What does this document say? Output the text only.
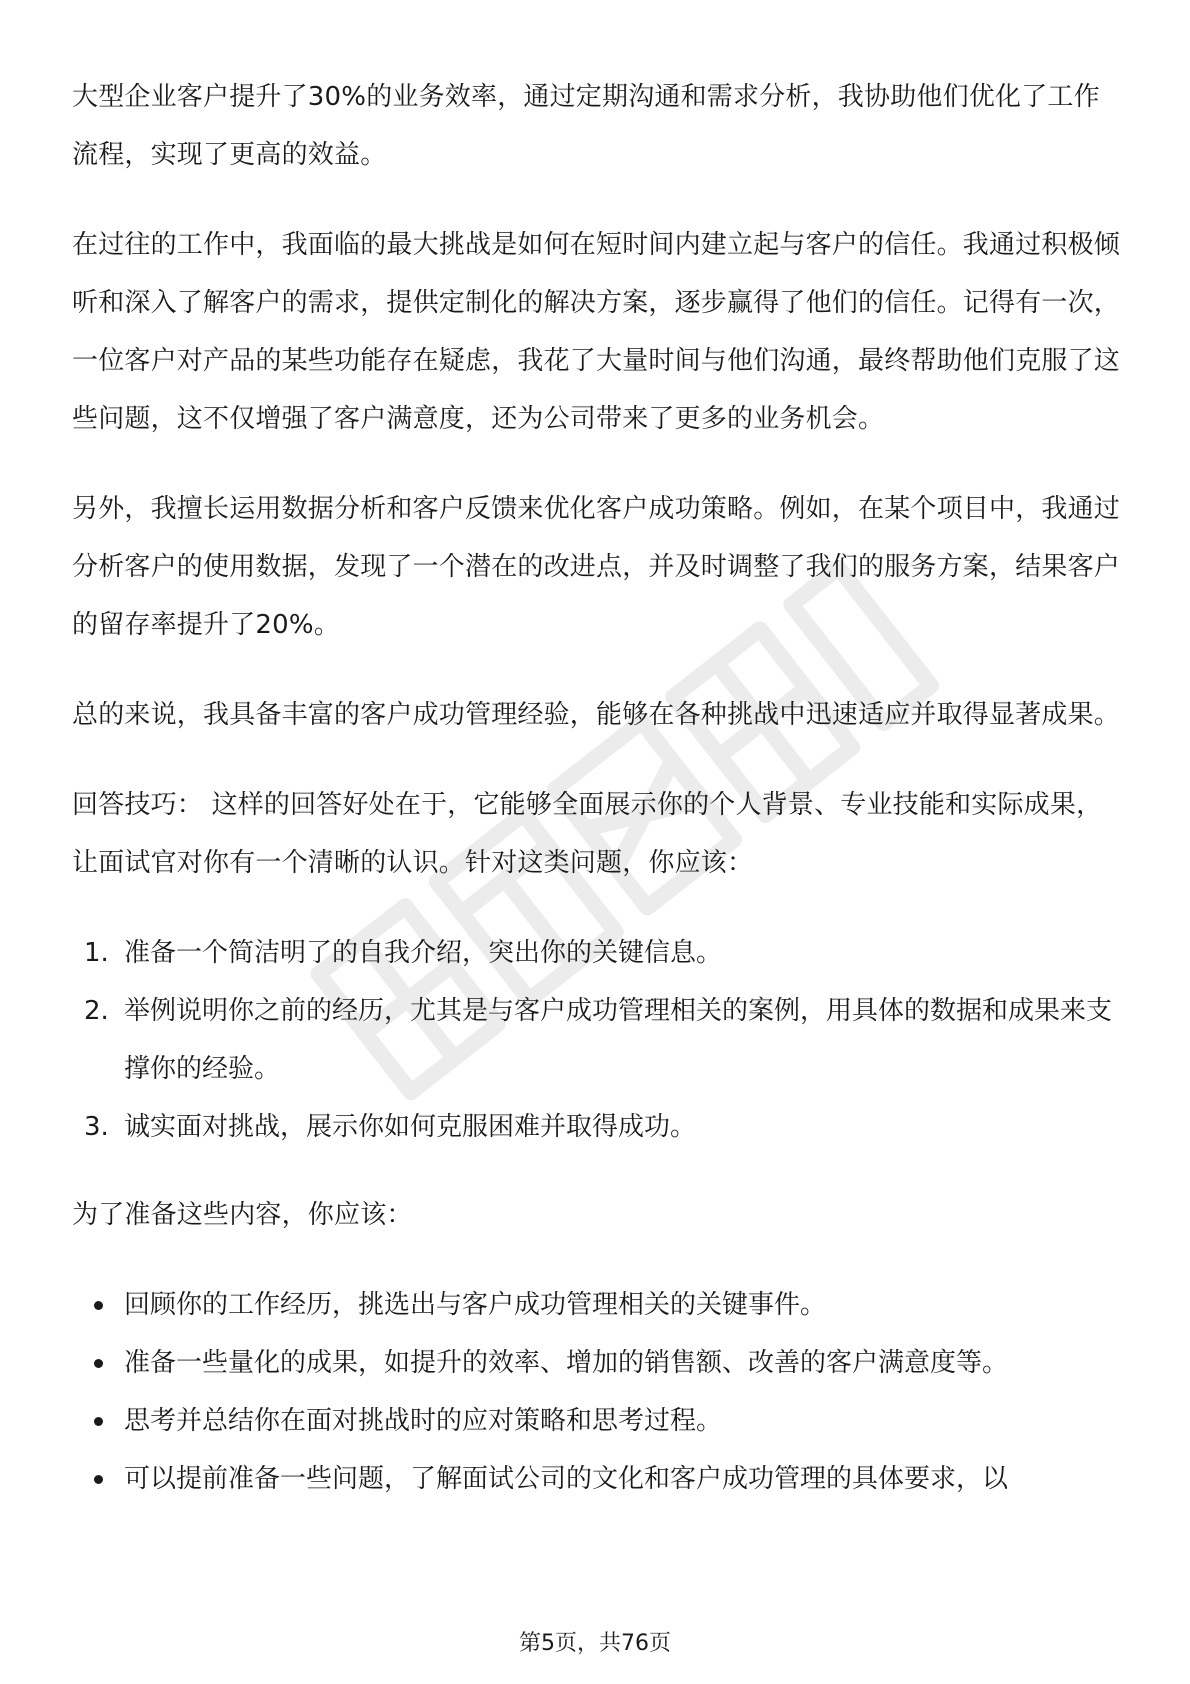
大型企业客户提升了30%的业务效率，通过定期沟通和需求分析，我协助他们优化了工作流程，实现了更高的效益。

在过往的工作中，我面临的最大挑战是如何在短时间内建立起与客户的信任。我通过积极倾听和深入了解客户的需求，提供定制化的解决方案，逐步赢得了他们的信任。记得有一次，一位客户对产品的某些功能存在疑虑，我花了大量时间与他们沟通，最终帮助他们克服了这些问题，这不仅增强了客户满意度，还为公司带来了更多的业务机会。

另外，我擅长运用数据分析和客户反馈来优化客户成功策略。例如，在某个项目中，我通过分析客户的使用数据，发现了一个潜在的改进点，并及时调整了我们的服务方案，结果客户的留存率提升了20%。

总的来说，我具备丰富的客户成功管理经验，能够在各种挑战中迅速适应并取得显著成果。

回答技巧： 这样的回答好处在于，它能够全面展示你的个人背景、专业技能和实际成果，让面试官对你有一个清晰的认识。针对这类问题，你应该：

1. 准备一个简洁明了的自我介绍，突出你的关键信息。
2. 举例说明你之前的经历，尤其是与客户成功管理相关的案例，用具体的数据和成果来支撑你的经验。
3. 诚实面对挑战，展示你如何克服困难并取得成功。

为了准备这些内容，你应该：

回顾你的工作经历，挑选出与客户成功管理相关的关键事件。
准备一些量化的成果，如提升的效率、增加的销售额、改善的客户满意度等。
思考并总结你在面对挑战时的应对策略和思考过程。
可以提前准备一些问题，了解面试公司的文化和客户成功管理的具体要求，以
第5页，共76页
